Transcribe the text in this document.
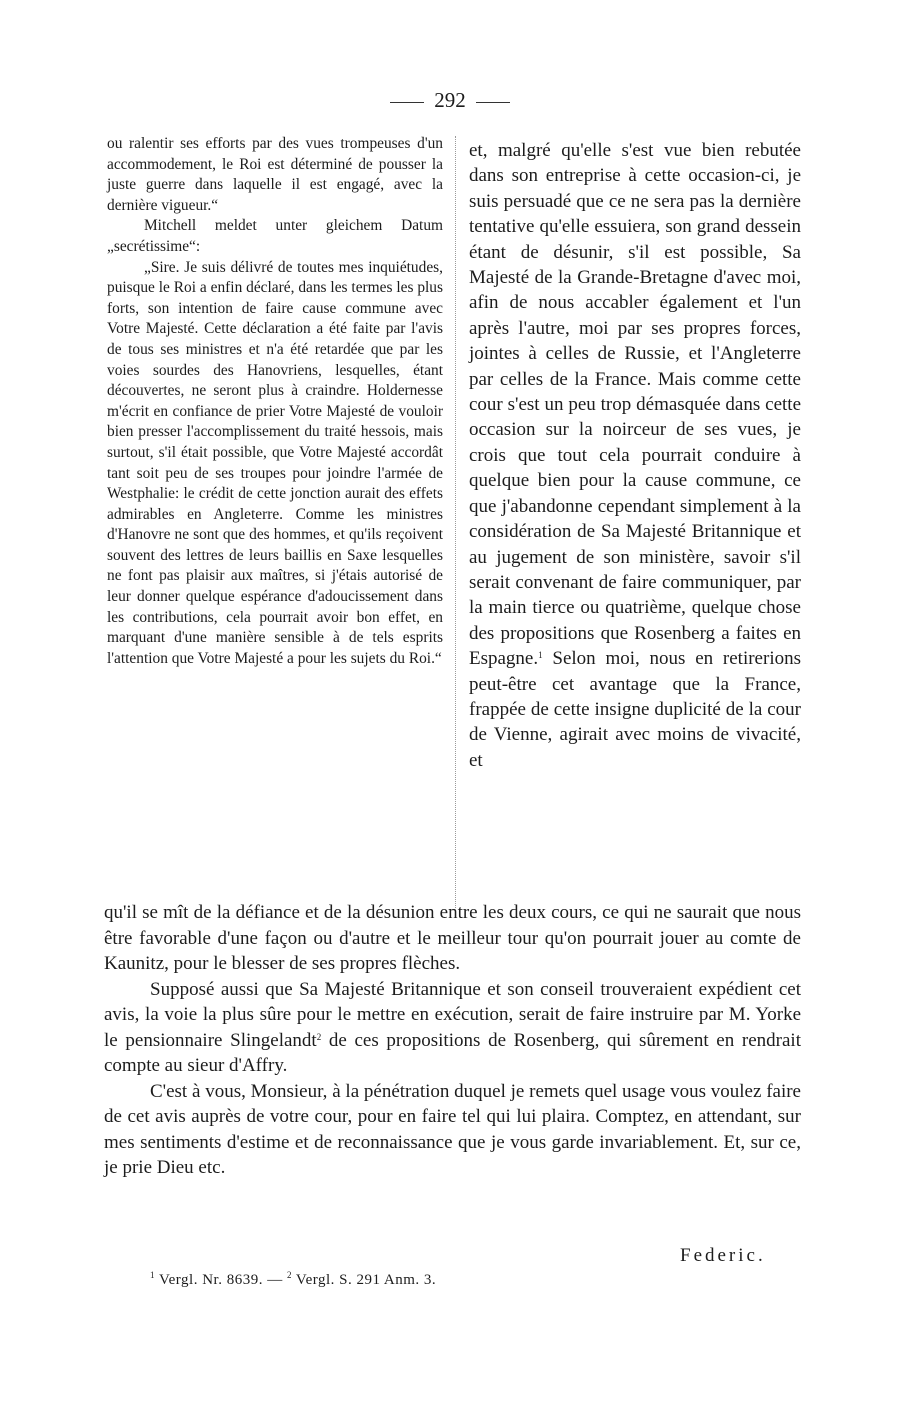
292

ou ralentir ses efforts par des vues trompeuses d'un accommodement, le Roi est déterminé de pousser la juste guerre dans laquelle il est engagé, avec la dernière vigueur.“

Mitchell meldet unter gleichem Datum „secrétissime“:

„Sire. Je suis délivré de toutes mes inquiétudes, puisque le Roi a enfin déclaré, dans les termes les plus forts, son intention de faire cause commune avec Votre Majesté. Cette déclaration a été faite par l'avis de tous ses ministres et n'a été retardée que par les voies sourdes des Hanovriens, lesquelles, étant découvertes, ne seront plus à craindre. Holdernesse m'écrit en confiance de prier Votre Majesté de vouloir bien presser l'accomplissement du traité hessois, mais surtout, s'il était possible, que Votre Majesté accordât tant soit peu de ses troupes pour joindre l'armée de Westphalie: le crédit de cette jonction aurait des effets admirables en Angleterre. Comme les ministres d'Hanovre ne sont que des hommes, et qu'ils reçoivent souvent des lettres de leurs baillis en Saxe lesquelles ne font pas plaisir aux maîtres, si j'étais autorisé de leur donner quelque espérance d'adoucissement dans les contributions, cela pourrait avoir bon effet, en marquant d'une manière sensible à de tels esprits l'attention que Votre Majesté a pour les sujets du Roi.“

et, malgré qu'elle s'est vue bien rebutée dans son entreprise à cette occasion-ci, je suis persuadé que ce ne sera pas la dernière tentative qu'elle essuiera, son grand dessein étant de désunir, s'il est possible, Sa Majesté de la Grande-Bretagne d'avec moi, afin de nous accabler également et l'un après l'autre, moi par ses propres forces, jointes à celles de Russie, et l'Angleterre par celles de la France. Mais comme cette cour s'est un peu trop démasquée dans cette occasion sur la noirceur de ses vues, je crois que tout cela pourrait conduire à quelque bien pour la cause commune, ce que j'abandonne cependant simplement à la considération de Sa Majesté Britannique et au jugement de son ministère, savoir s'il serait convenant de faire communiquer, par la main tierce ou quatrième, quelque chose des propositions que Rosenberg a faites en Espagne.$^1$ Selon moi, nous en retirerions peut-être cet avantage que la France, frappée de cette insigne duplicité de la cour de Vienne, agirait avec moins de vivacité, et

qu'il se mît de la défiance et de la désunion entre les deux cours, ce qui ne saurait que nous être favorable d'une façon ou d'autre et le meilleur tour qu'on pourrait jouer au comte de Kaunitz, pour le blesser de ses propres flèches.

Supposé aussi que Sa Majesté Britannique et son conseil trouveraient expédient cet avis, la voie la plus sûre pour le mettre en exécution, serait de faire instruire par M. Yorke le pensionnaire Slingelandt$^2$ de ces propositions de Rosenberg, qui sûrement en rendrait compte au sieur d'Affry.

C'est à vous, Monsieur, à la pénétration duquel je remets quel usage vous voulez faire de cet avis auprès de votre cour, pour en faire tel qui lui plaira. Comptez, en attendant, sur mes sentiments d'estime et de reconnaissance que je vous garde invariablement. Et, sur ce, je prie Dieu etc.

Federic.
$^1$ Vergl. Nr. 8639. — $^2$ Vergl. S. 291 Anm. 3.
